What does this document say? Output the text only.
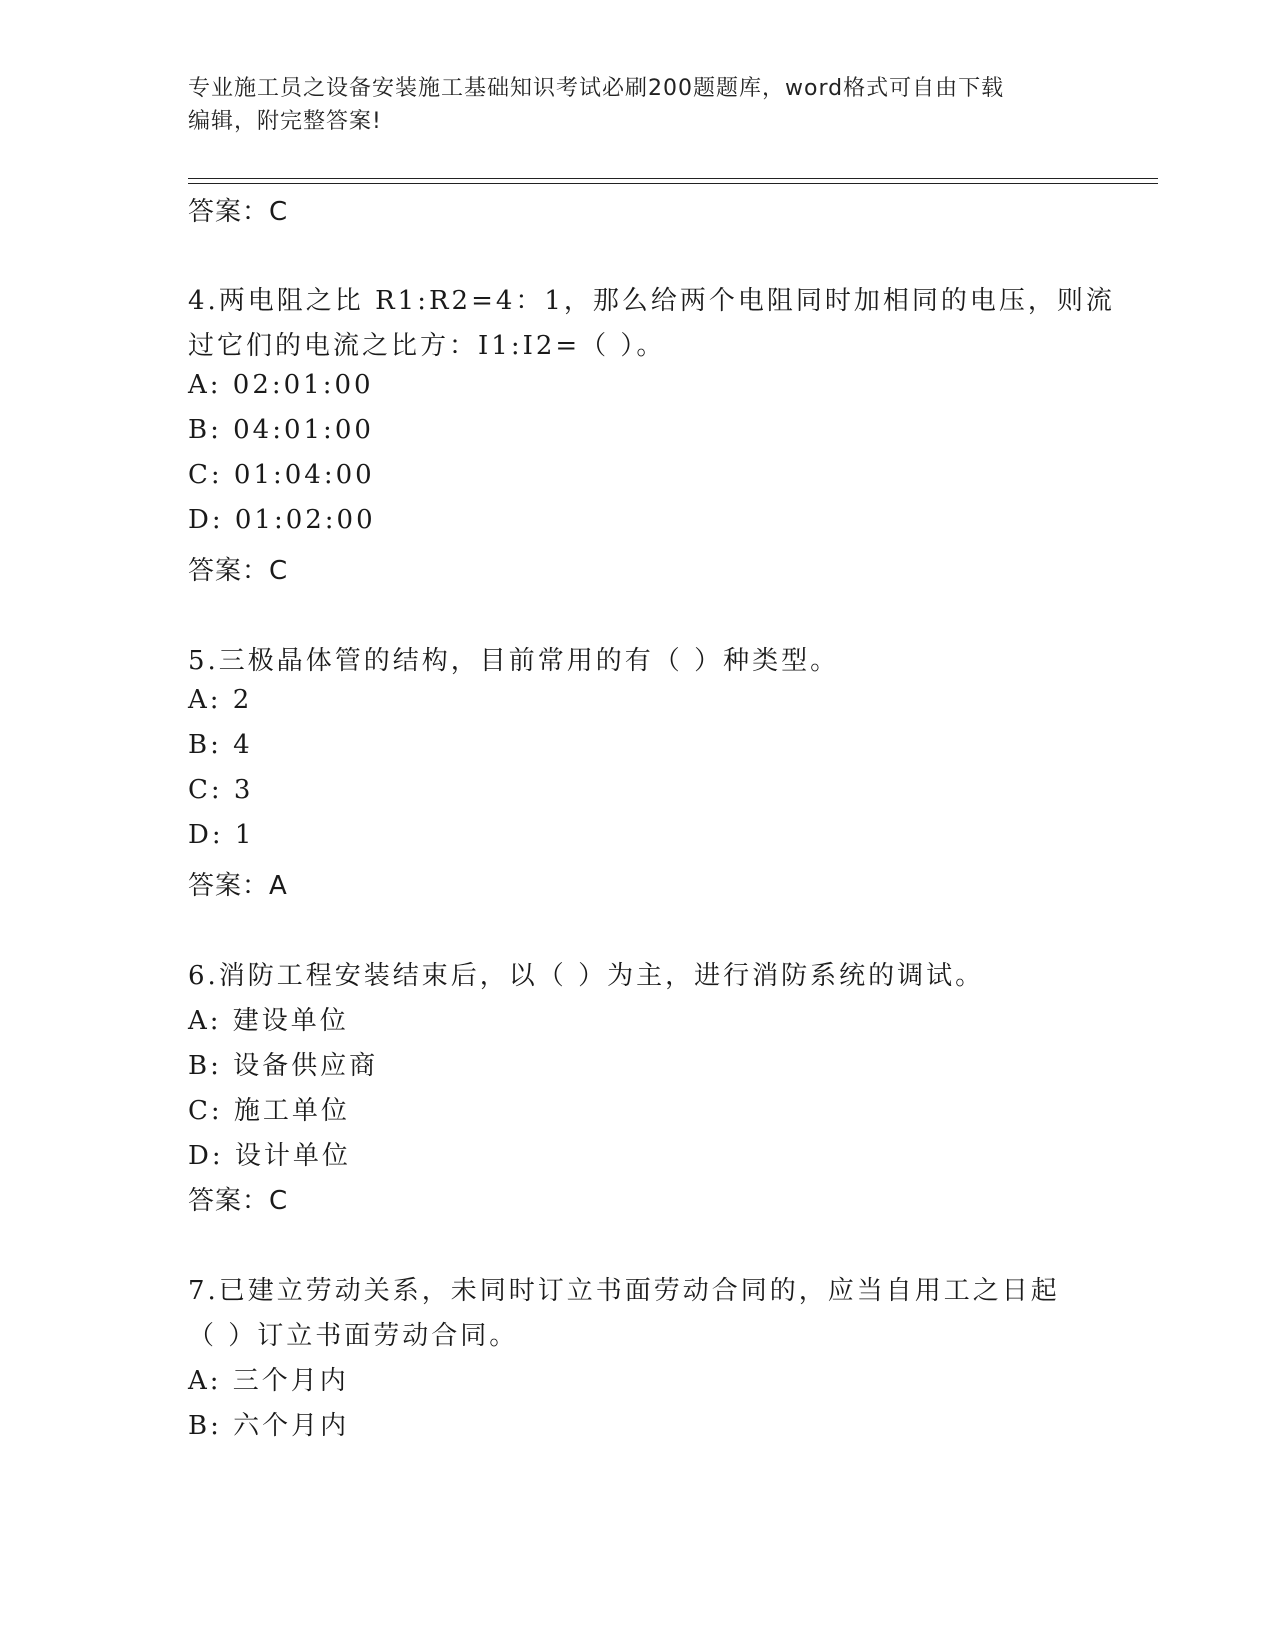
专业施工员之设备安装施工基础知识考试必刷200题题库，word格式可自由下载
编辑，附完整答案!
答案：C
4.两电阻之比 R1:R2=4：1，那么给两个电阻同时加相同的电压，则流
过它们的电流之比方：I1:I2=（ ）。
A: 02:01:00
B: 04:01:00
C: 01:04:00
D: 01:02:00
答案：C
5.三极晶体管的结构，目前常用的有（ ）种类型。
A: 2
B: 4
C: 3
D: 1
答案：A
6.消防工程安装结束后，以（ ）为主，进行消防系统的调试。
A: 建设单位
B: 设备供应商
C: 施工单位
D: 设计单位
答案：C
7.已建立劳动关系，未同时订立书面劳动合同的，应当自用工之日起
（ ）订立书面劳动合同。
A: 三个月内
B: 六个月内
